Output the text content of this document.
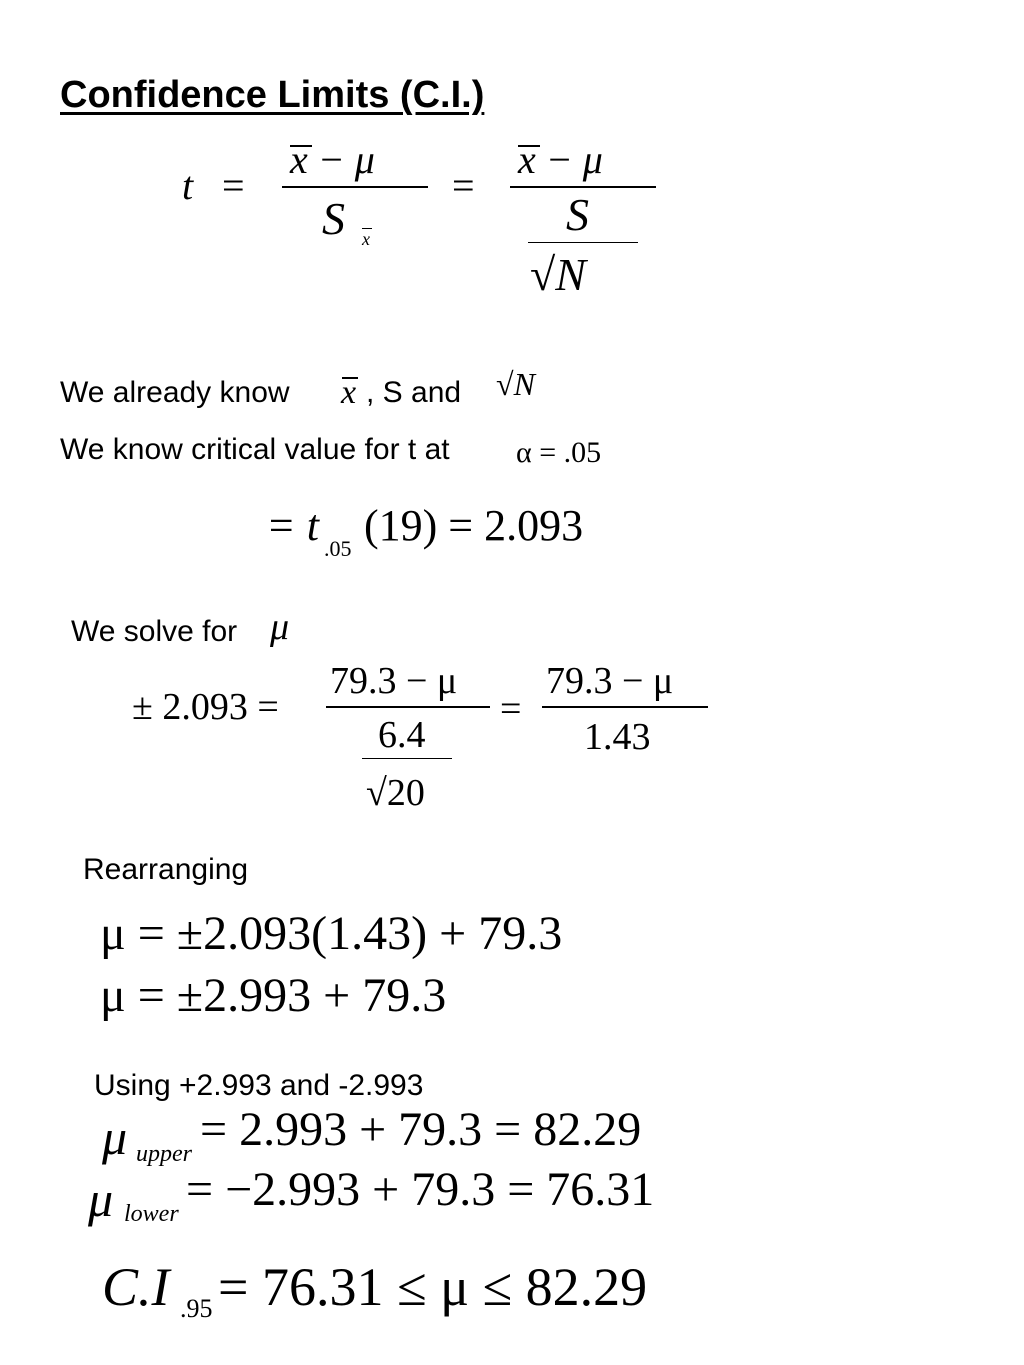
Confidence Limits (C.I.)
t =
x − μ
S x
=
x − μ
S
√N
We already know x , S and √N
We know critical value for t at α = .05
= t .05 (19) = 2.093
We solve for μ
± 2.093 =
79.3 − μ
6.4
√20
=
79.3 − μ
1.43
Rearranging
μ = ±2.093(1.43) + 79.3
μ = ±2.993 + 79.3
Using +2.993 and -2.993
μ upper = 2.993 + 79.3 = 82.29
μ lower = −2.993 + 79.3 = 76.31
C.I .95 = 76.31 ≤ μ ≤ 82.29
